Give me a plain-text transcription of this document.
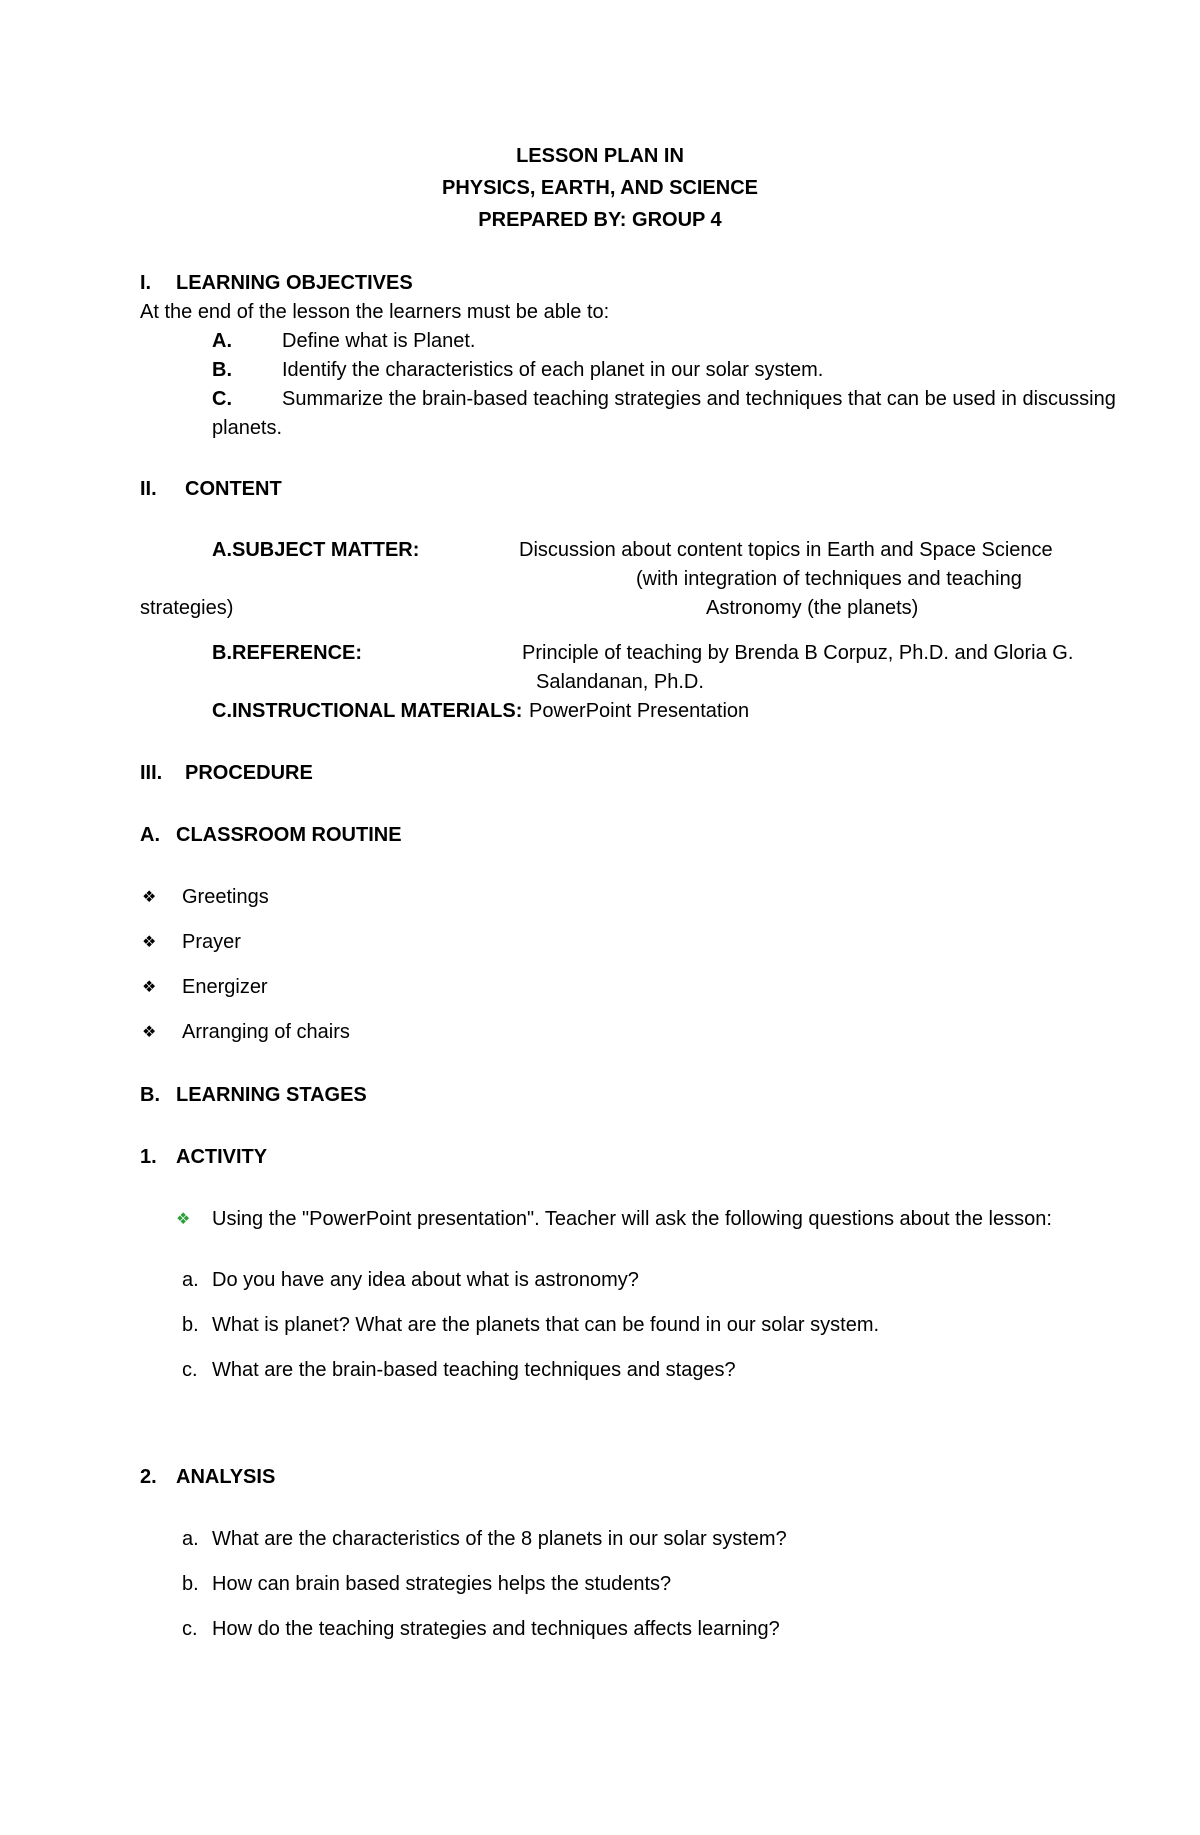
LESSON PLAN IN
PHYSICS, EARTH, AND SCIENCE
PREPARED BY: GROUP 4
I. LEARNING OBJECTIVES
At the end of the lesson the learners must be able to:
A.	Define what is Planet.
B.	Identify the characteristics of each planet in our solar system.
C.	Summarize the brain-based teaching strategies and techniques that can be used in discussing
planets.
II. CONTENT
A.SUBJECT MATTER:	Discussion about content topics in Earth and Space Science
(with integration of techniques and teaching
strategies)	Astronomy (the planets)
B.REFERENCE:	Principle of teaching by Brenda B Corpuz, Ph.D. and Gloria G.
Salandanan, Ph.D.
C.INSTRUCTIONAL MATERIALS: PowerPoint Presentation
III. PROCEDURE
A. CLASSROOM ROUTINE
❖ Greetings
❖ Prayer
❖ Energizer
❖ Arranging of chairs
B. LEARNING STAGES
1. ACTIVITY
❖ Using the "PowerPoint presentation". Teacher will ask the following questions about the lesson:
a. Do you have any idea about what is astronomy?
b. What is planet? What are the planets that can be found in our solar system.
c. What are the brain-based teaching techniques and stages?
2. ANALYSIS
a. What are the characteristics of the 8 planets in our solar system?
b. How can brain based strategies helps the students?
c. How do the teaching strategies and techniques affects learning?
